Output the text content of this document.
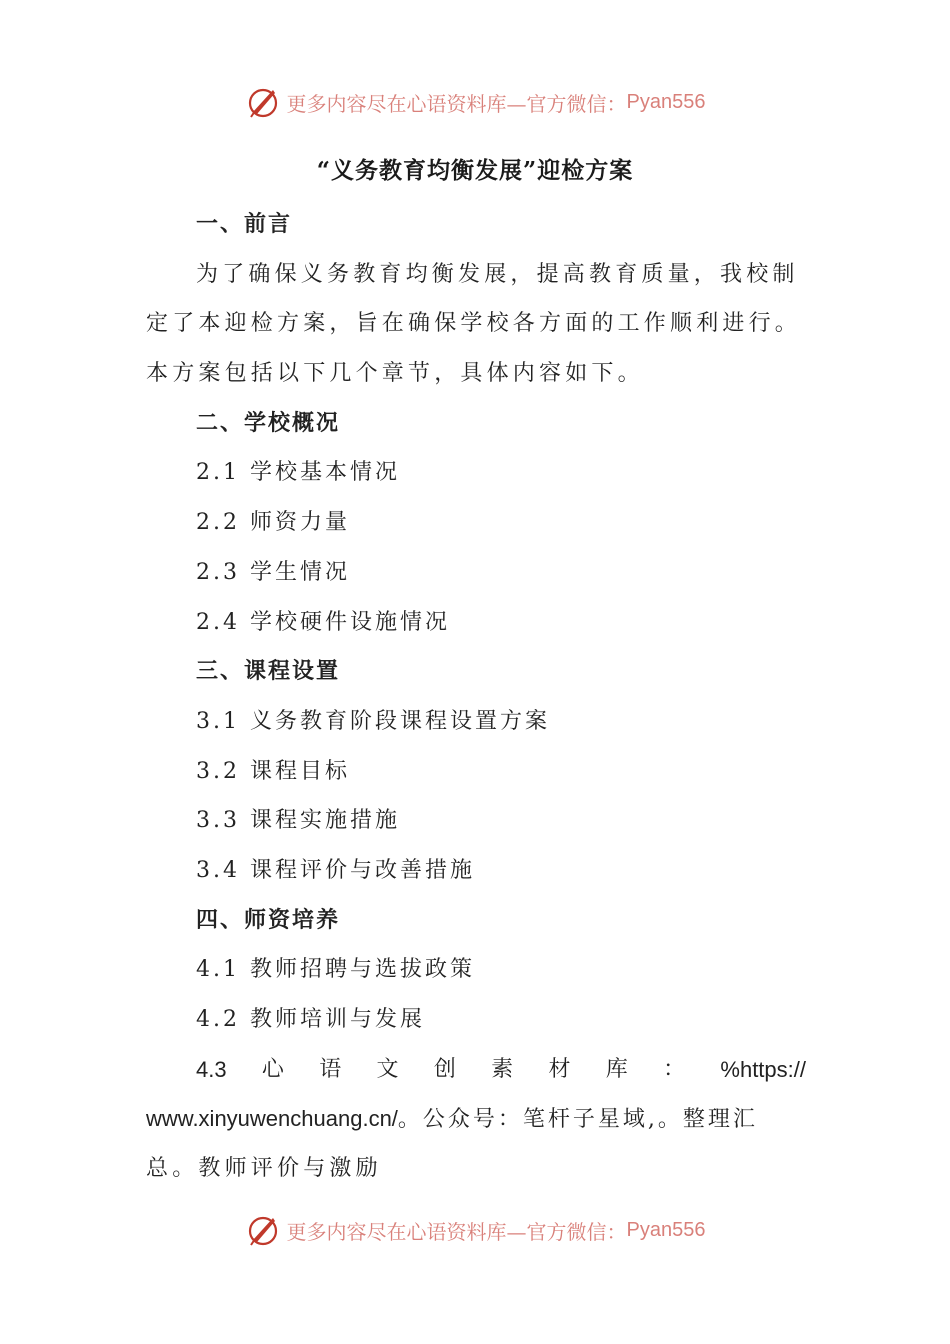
更多内容尽在心语资料库—官方微信： Pyan556
“义务教育均衡发展”迎检方案
一、前言
为了确保义务教育均衡发展，提高教育质量，我校制
定了本迎检方案，旨在确保学校各方面的工作顺利进行。
本方案包括以下几个章节，具体内容如下。
二、学校概况
2.1 学校基本情况
2.2 师资力量
2.3 学生情况
2.4 学校硬件设施情况
三、课程设置
3.1 义务教育阶段课程设置方案
3.2 课程目标
3.3 课程实施措施
3.4 课程评价与改善措施
四、师资培养
4.1 教师招聘与选拔政策
4.2 教师培训与发展
4.3 心 语 文 创 素 材 库 ： %https://
www.xinyuwenchuang.cn/。公众号：笔杆子星域,。整理汇
总。教师评价与激励
更多内容尽在心语资料库—官方微信： Pyan556
